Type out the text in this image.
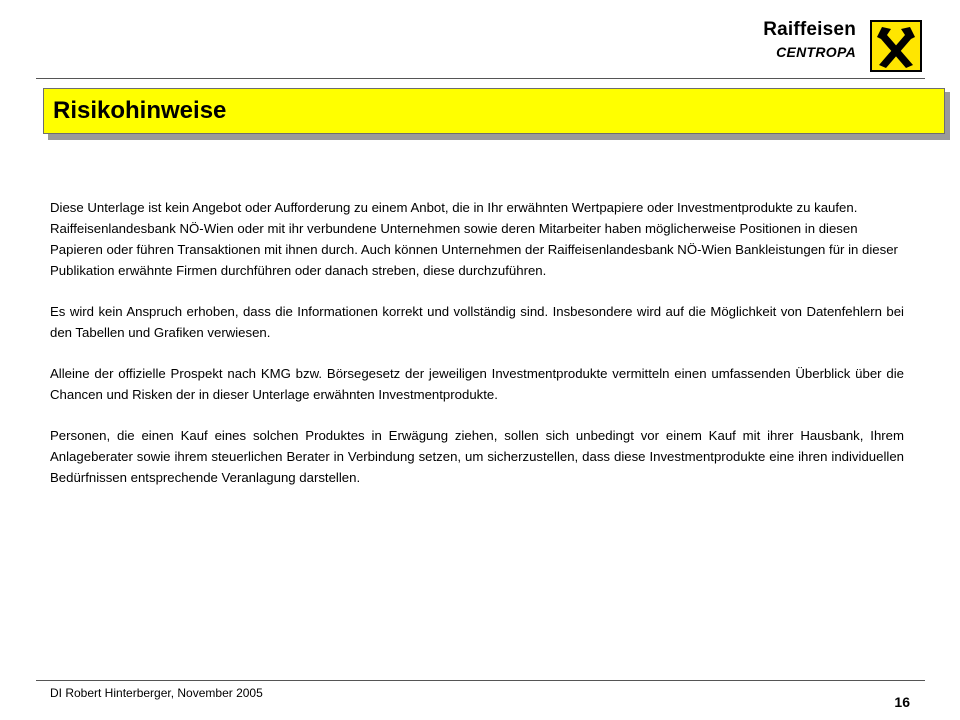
Raiffeisen
CENTROPA
Risikohinweise

Diese Unterlage ist kein Angebot oder Aufforderung zu einem Anbot, die in Ihr erwähnten Wertpapiere oder Investmentprodukte zu kaufen. Raiffeisenlandesbank NÖ-Wien oder mit ihr verbundene Unternehmen sowie deren Mitarbeiter haben möglicherweise Positionen in diesen Papieren oder führen Transaktionen mit ihnen durch. Auch können Unternehmen der Raiffeisenlandesbank NÖ-Wien Bankleistungen für in dieser Publikation erwähnte Firmen durchführen oder danach streben, diese durchzuführen.

Es wird kein Anspruch erhoben, dass die Informationen korrekt und vollständig sind. Insbesondere wird auf die Möglichkeit von Datenfehlern bei den Tabellen und Grafiken verwiesen.

Alleine der offizielle Prospekt nach KMG bzw. Börsegesetz der jeweiligen Investmentprodukte vermitteln einen umfassenden Überblick über die Chancen und Risken der in dieser Unterlage erwähnten Investmentprodukte.

Personen, die einen Kauf eines solchen Produktes in Erwägung ziehen, sollen sich unbedingt vor einem Kauf mit ihrer Hausbank, Ihrem Anlageberater sowie ihrem steuerlichen Berater in Verbindung setzen, um sicherzustellen, dass diese Investmentprodukte eine ihren individuellen Bedürfnissen entsprechende Veranlagung darstellen.

DI Robert Hinterberger, November 2005
16
